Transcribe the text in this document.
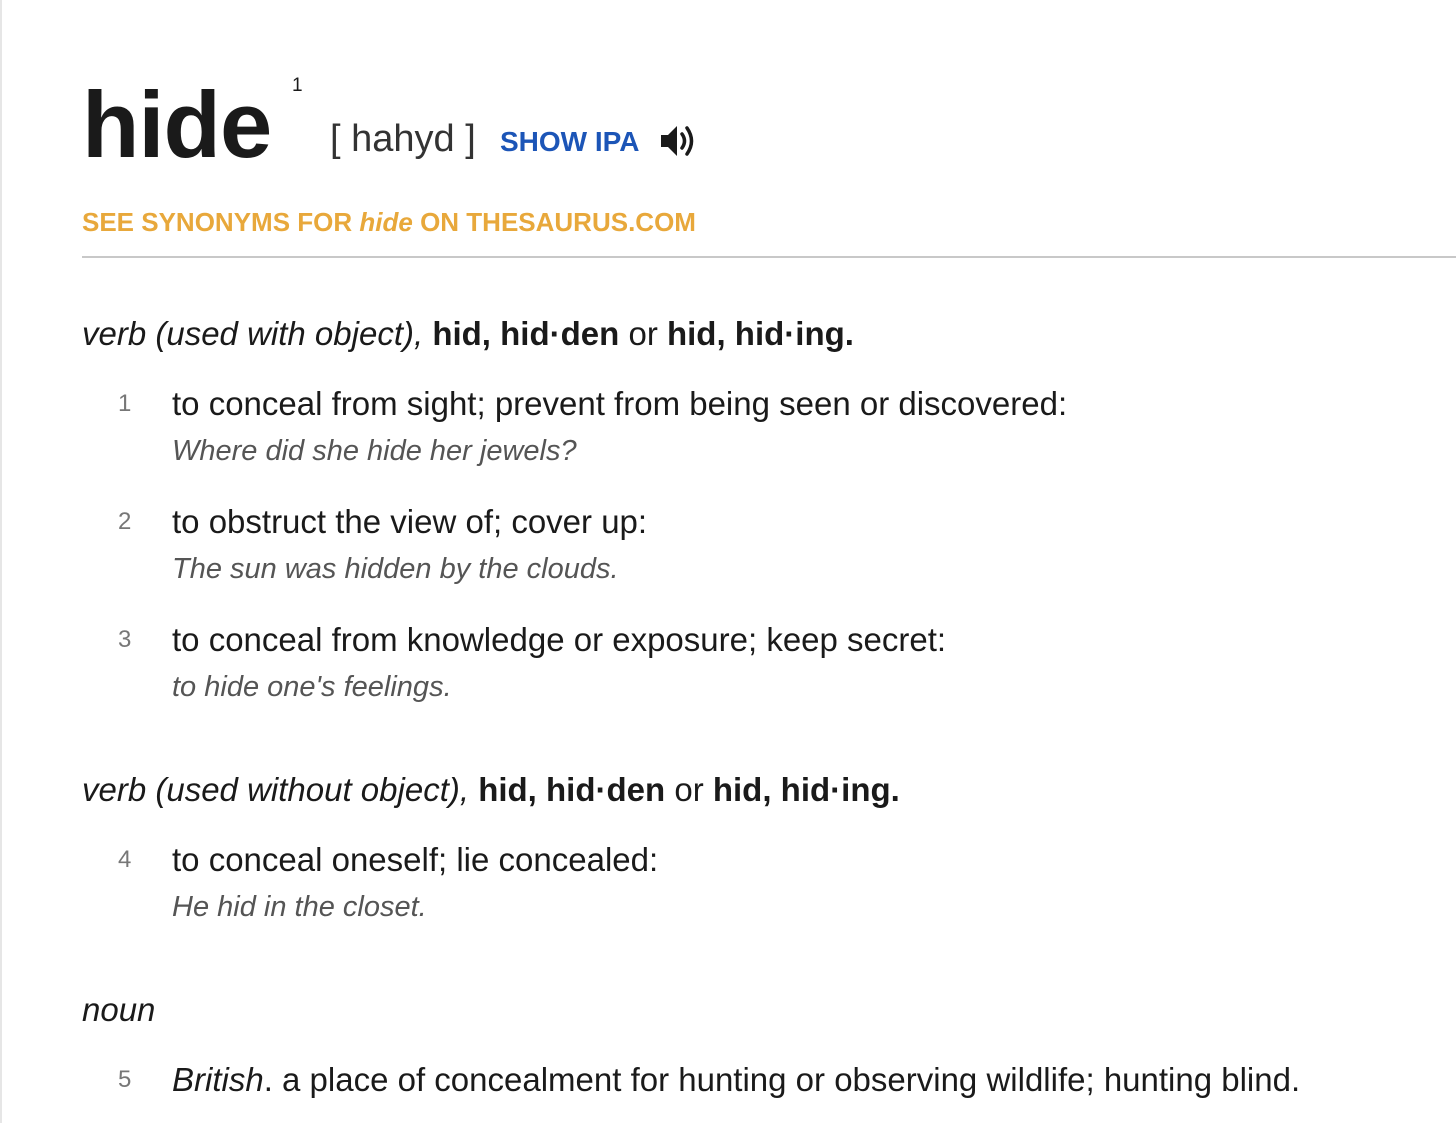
hide 1
[ hahyd ] SHOW IPA
SEE SYNONYMS FOR hide ON THESAURUS.COM
verb (used with object), hid, hid·den or hid, hid·ing.
1 to conceal from sight; prevent from being seen or discovered:
Where did she hide her jewels?
2 to obstruct the view of; cover up:
The sun was hidden by the clouds.
3 to conceal from knowledge or exposure; keep secret:
to hide one's feelings.
verb (used without object), hid, hid·den or hid, hid·ing.
4 to conceal oneself; lie concealed:
He hid in the closet.
noun
5 British. a place of concealment for hunting or observing wildlife; hunting blind.
